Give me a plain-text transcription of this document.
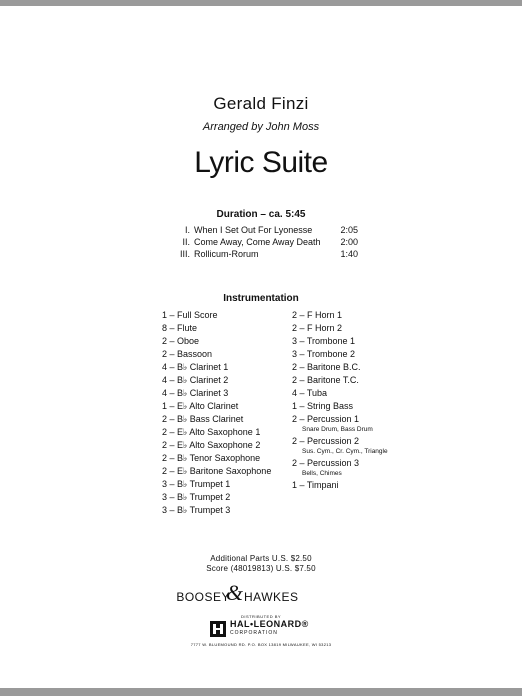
Gerald Finzi
Arranged by John Moss
Lyric Suite
Duration – ca. 5:45
I. When I Set Out For Lyonesse	2:05
II. Come Away, Come Away Death	2:00
III. Rollicum-Rorum	1:40
Instrumentation
1 – Full Score
8 – Flute
2 – Oboe
2 – Bassoon
4 – B♭ Clarinet 1
4 – B♭ Clarinet 2
4 – B♭ Clarinet 3
1 – E♭ Alto Clarinet
2 – B♭ Bass Clarinet
2 – E♭ Alto Saxophone 1
2 – E♭ Alto Saxophone 2
2 – B♭ Tenor Saxophone
2 – E♭ Baritone Saxophone
3 – B♭ Trumpet 1
3 – B♭ Trumpet 2
3 – B♭ Trumpet 3
2 – F Horn 1
2 – F Horn 2
3 – Trombone 1
3 – Trombone 2
2 – Baritone B.C.
2 – Baritone T.C.
4 – Tuba
1 – String Bass
2 – Percussion 1
Snare Drum, Bass Drum
2 – Percussion 2
Sus. Cym., Cr. Cym., Triangle
2 – Percussion 3
Bells, Chimes
1 – Timpani
Additional Parts U.S. $2.50
Score (48019813) U.S. $7.50
BOOSEY
& HAWKES
DISTRIBUTED BY
HAL•LEONARD®
CORPORATION
7777 W. BLUEMOUND RD. P.O. BOX 13819 MILWAUKEE, WI 53213
